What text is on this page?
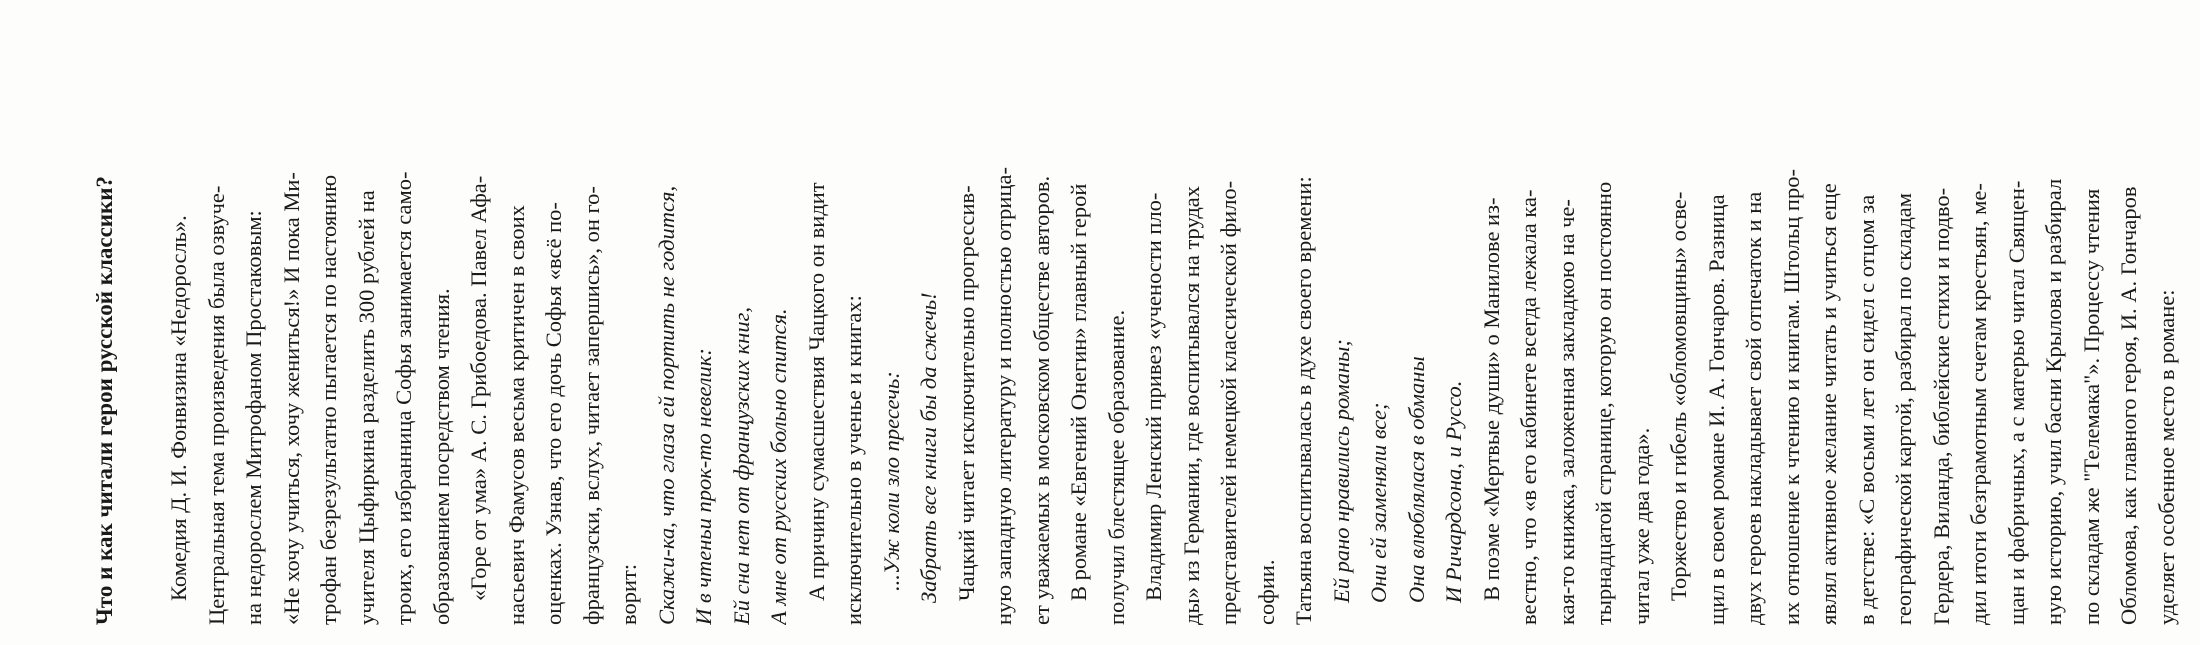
Что и как читали герои русской классики? Комедия Д. И. Фонвизина «Недоросль». Центральная тема произведения была озвуче- на недорослем Митрофаном Простаковым: «Не хочу учиться, хочу жениться!» И пока Ми- трофан безрезультатно пытается по настоянию учителя Цыфиркина разделить 300 рублей на троих, его избранница Софья занимается само- образованием посредством чтения. «Горе от ума» А. С. Грибоедова. Павел Афа- насьевич Фамусов весьма критичен в своих оценках. Узнав, что его дочь Софья «всё по- французски, вслух, читает запершись», он го- ворит: Скажи-ка, что глаза ей портить не годится, И в чтеньи прок-то невелик: Ей сна нет от французских книг, А мне от русских больно спится. А причину сумасшествия Чацкого он видит исключительно в ученье и книгах: ...Уж коли зло пресечь: Забрать все книги бы да сжечь! Чацкий читает исключительно прогрессив- ную западную литературу и полностью отрица- ет уважаемых в московском обществе авторов. В романе «Евгений Онегин» главный герой получил блестящее образование. Владимир Ленский привез «учености пло- ды» из Германии, где воспитывался на трудах представителей немецкой классической фило- софии. Татьяна воспитывалась в духе своего времени: Ей рано нравились романы; Они ей заменяли все; Она влюблялася в обманы И Ричардсона, и Руссо. В поэме «Мертвые души» о Манилове из- вестно, что «в его кабинете всегда лежала ка- кая-то книжка, заложенная закладкою на че- тырнадцатой странице, которую он постоянно читал уже два года». Торжество и гибель «обломовщины» осве- щил в своем романе И. А. Гончаров. Разница двух героев накладывает свой отпечаток и на их отношение к чтению и книгам. Штольц про- являл активное желание читать и учиться еще в детстве: «С восьми лет он сидел с отцом за географической картой, разбирал по складам Гердера, Виланда, библейские стихи и подво- дил итоги безграмотным счетам крестьян, ме- щан и фабричных, а с матерью читал Священ- ную историю, учил басни Крылова и разбирал по складам же "Телемака"». Процессу чтения Обломова, как главного героя, И. А. Гончаров уделяет особенное место в романе:
